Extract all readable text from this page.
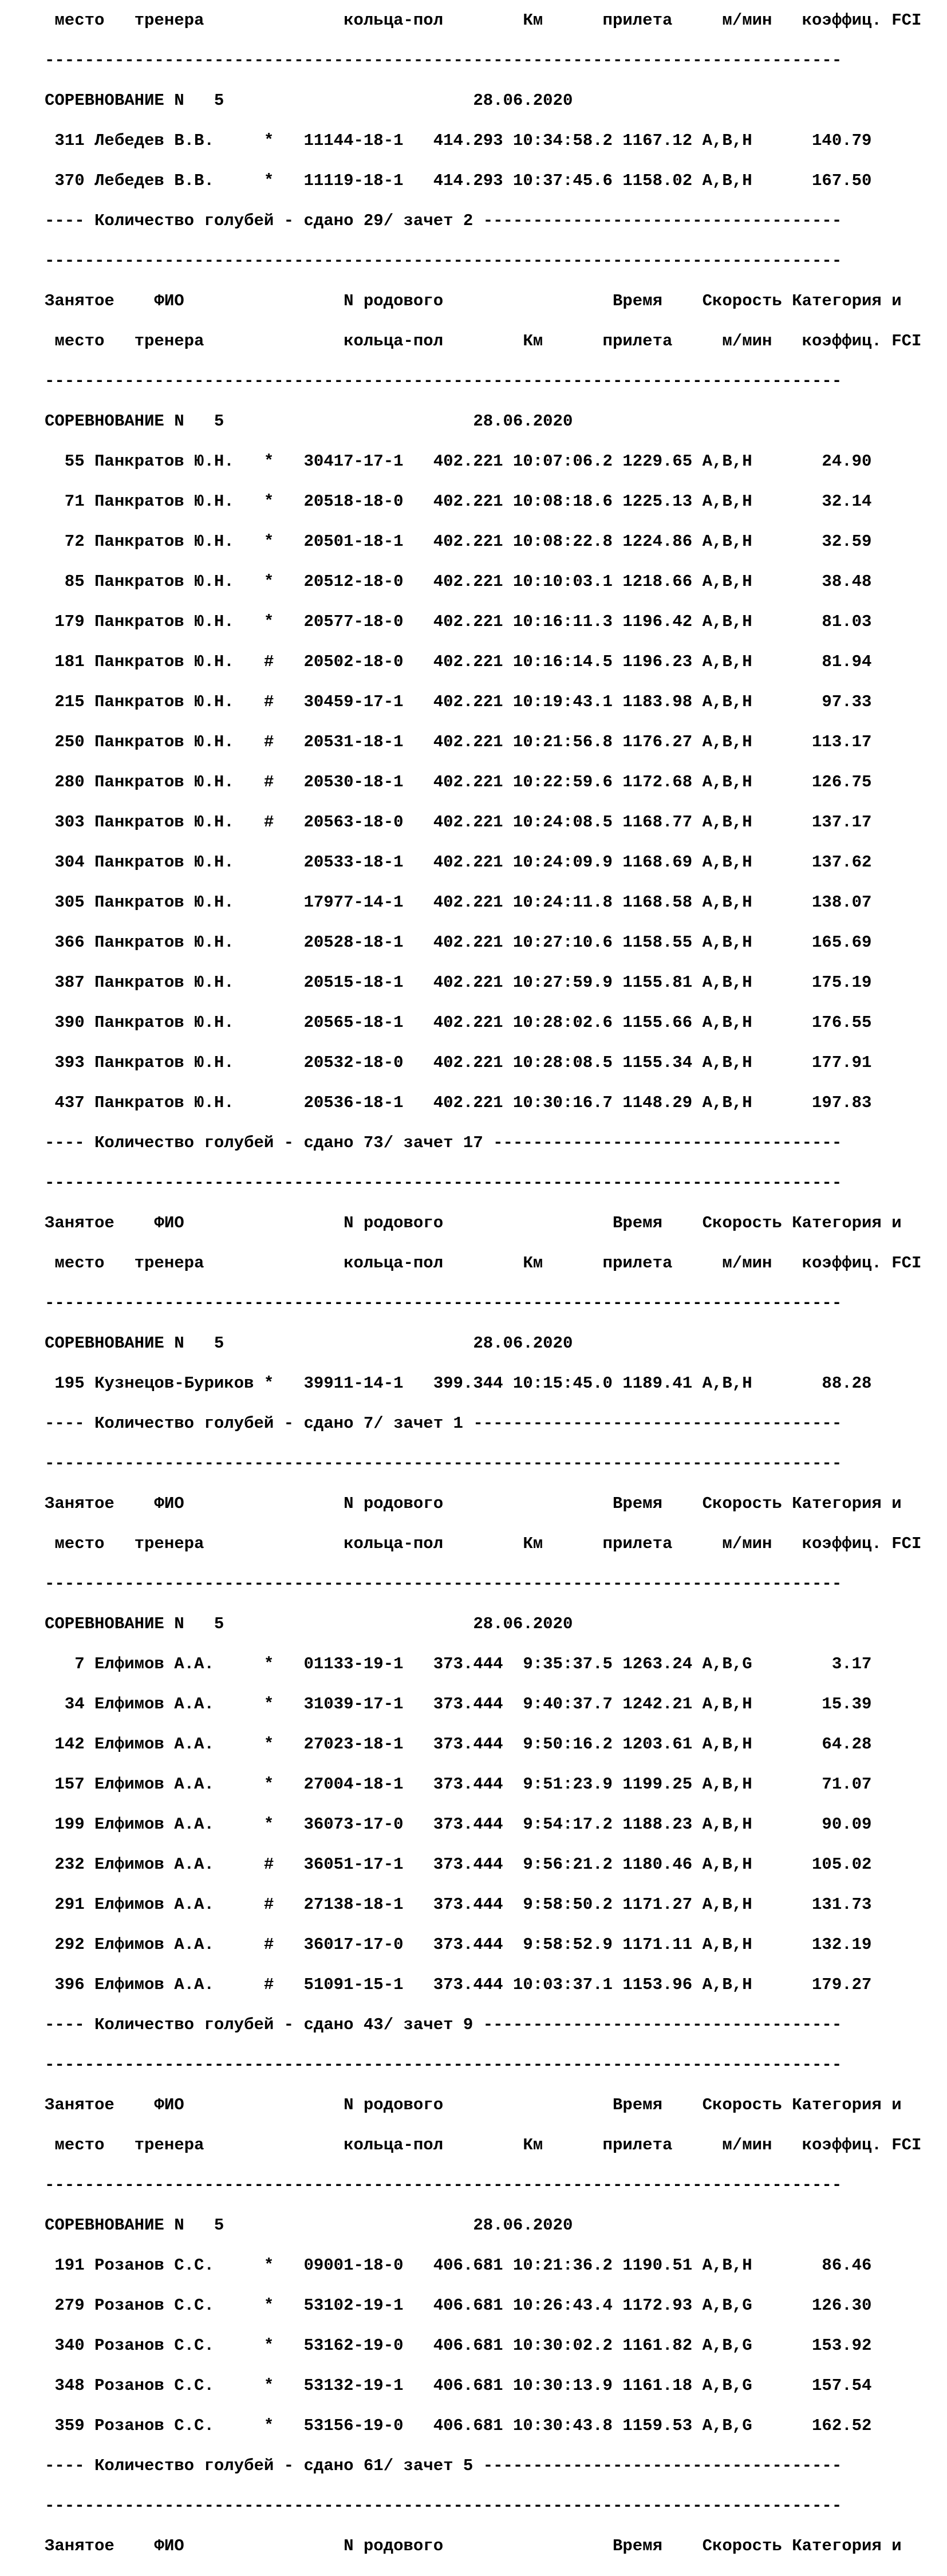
место   тренера              кольца-пол        Км      прилета     м/мин   коэффиц. FCI

--------------------------------------------------------------------------------

СОРЕВНОВАНИЕ N   5                         28.06.2020

311 Лебедев В.В.     *   11144-18-1   414.293 10:34:58.2 1167.12 A,B,H      140.79

370 Лебедев В.В.     *   11119-18-1   414.293 10:37:45.6 1158.02 A,B,H      167.50

---- Количество голубей - сдано 29/ зачет 2 ------------------------------------

--------------------------------------------------------------------------------

Занятое    ФИО                N родового                 Время    Скорость Категория и

место   тренера              кольца-пол        Км      прилета     м/мин   коэффиц. FCI

--------------------------------------------------------------------------------

СОРЕВНОВАНИЕ N   5                         28.06.2020

55 Панкратов Ю.Н.   *   30417-17-1   402.221 10:07:06.2 1229.65 A,B,H       24.90

71 Панкратов Ю.Н.   *   20518-18-0   402.221 10:08:18.6 1225.13 A,B,H       32.14

72 Панкратов Ю.Н.   *   20501-18-1   402.221 10:08:22.8 1224.86 A,B,H       32.59

85 Панкратов Ю.Н.   *   20512-18-0   402.221 10:10:03.1 1218.66 A,B,H       38.48

179 Панкратов Ю.Н.   *   20577-18-0   402.221 10:16:11.3 1196.42 A,B,H       81.03

181 Панкратов Ю.Н.   #   20502-18-0   402.221 10:16:14.5 1196.23 A,B,H       81.94

215 Панкратов Ю.Н.   #   30459-17-1   402.221 10:19:43.1 1183.98 A,B,H       97.33

250 Панкратов Ю.Н.   #   20531-18-1   402.221 10:21:56.8 1176.27 A,B,H      113.17

280 Панкратов Ю.Н.   #   20530-18-1   402.221 10:22:59.6 1172.68 A,B,H      126.75

303 Панкратов Ю.Н.   #   20563-18-0   402.221 10:24:08.5 1168.77 A,B,H      137.17

304 Панкратов Ю.Н.       20533-18-1   402.221 10:24:09.9 1168.69 A,B,H      137.62

305 Панкратов Ю.Н.       17977-14-1   402.221 10:24:11.8 1168.58 A,B,H      138.07

366 Панкратов Ю.Н.       20528-18-1   402.221 10:27:10.6 1158.55 A,B,H      165.69

387 Панкратов Ю.Н.       20515-18-1   402.221 10:27:59.9 1155.81 A,B,H      175.19

390 Панкратов Ю.Н.       20565-18-1   402.221 10:28:02.6 1155.66 A,B,H      176.55

393 Панкратов Ю.Н.       20532-18-0   402.221 10:28:08.5 1155.34 A,B,H      177.91

437 Панкратов Ю.Н.       20536-18-1   402.221 10:30:16.7 1148.29 A,B,H      197.83

---- Количество голубей - сдано 73/ зачет 17 -----------------------------------

--------------------------------------------------------------------------------

Занятое    ФИО                N родового                 Время    Скорость Категория и

место   тренера              кольца-пол        Км      прилета     м/мин   коэффиц. FCI

--------------------------------------------------------------------------------

СОРЕВНОВАНИЕ N   5                         28.06.2020

195 Кузнецов-Буриков *   39911-14-1   399.344 10:15:45.0 1189.41 A,B,H       88.28

---- Количество голубей - сдано 7/ зачет 1 -------------------------------------

--------------------------------------------------------------------------------

Занятое    ФИО                N родового                 Время    Скорость Категория и

место   тренера              кольца-пол        Км      прилета     м/мин   коэффиц. FCI

--------------------------------------------------------------------------------

СОРЕВНОВАНИЕ N   5                         28.06.2020

7 Елфимов А.А.     *   01133-19-1   373.444  9:35:37.5 1263.24 A,B,G        3.17

34 Елфимов А.А.     *   31039-17-1   373.444  9:40:37.7 1242.21 A,B,H       15.39

142 Елфимов А.А.     *   27023-18-1   373.444  9:50:16.2 1203.61 A,B,H       64.28

157 Елфимов А.А.     *   27004-18-1   373.444  9:51:23.9 1199.25 A,B,H       71.07

199 Елфимов А.А.     *   36073-17-0   373.444  9:54:17.2 1188.23 A,B,H       90.09

232 Елфимов А.А.     #   36051-17-1   373.444  9:56:21.2 1180.46 A,B,H      105.02

291 Елфимов А.А.     #   27138-18-1   373.444  9:58:50.2 1171.27 A,B,H      131.73

292 Елфимов А.А.     #   36017-17-0   373.444  9:58:52.9 1171.11 A,B,H      132.19

396 Елфимов А.А.     #   51091-15-1   373.444 10:03:37.1 1153.96 A,B,H      179.27

---- Количество голубей - сдано 43/ зачет 9 ------------------------------------

--------------------------------------------------------------------------------

Занятое    ФИО                N родового                 Время    Скорость Категория и

место   тренера              кольца-пол        Км      прилета     м/мин   коэффиц. FCI

--------------------------------------------------------------------------------

СОРЕВНОВАНИЕ N   5                         28.06.2020

191 Розанов С.С.     *   09001-18-0   406.681 10:21:36.2 1190.51 A,B,H       86.46

279 Розанов С.С.     *   53102-19-1   406.681 10:26:43.4 1172.93 A,B,G      126.30

340 Розанов С.С.     *   53162-19-0   406.681 10:30:02.2 1161.82 A,B,G      153.92

348 Розанов С.С.     *   53132-19-1   406.681 10:30:13.9 1161.18 A,B,G      157.54

359 Розанов С.С.     *   53156-19-0   406.681 10:30:43.8 1159.53 A,B,G      162.52

---- Количество голубей - сдано 61/ зачет 5 ------------------------------------

--------------------------------------------------------------------------------

Занятое    ФИО                N родового                 Время    Скорость Категория и
